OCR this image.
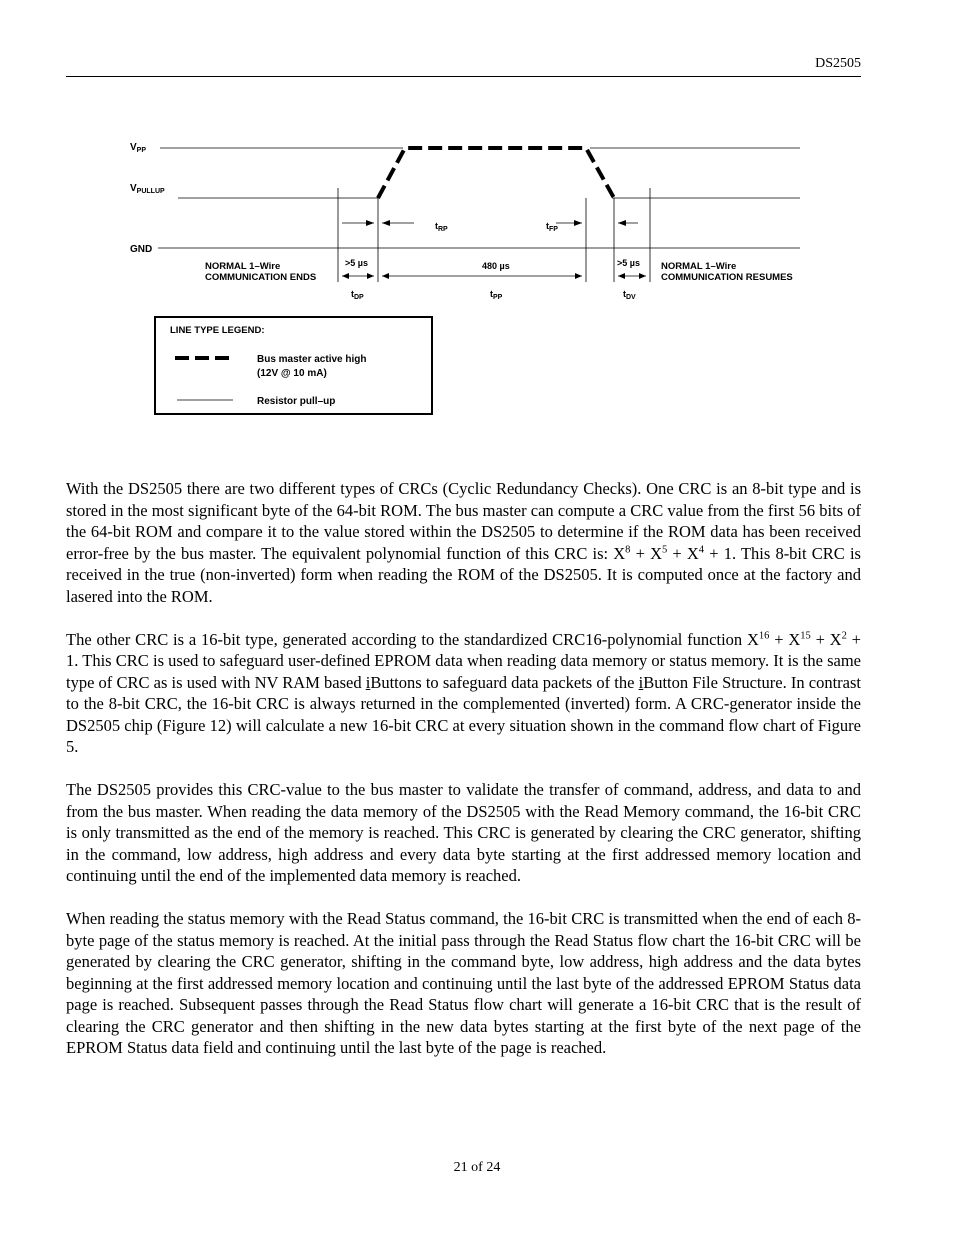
DS2505
$V_{PP}$
$V_{PULLUP}$
GND
$t_{RP}$	$t_{FP}$
>5 µs	480 µs	>5 µs
$t_{DP}$	$t_{PP}$	$t_{DV}$
NORMAL 1–Wire
COMMUNICATION ENDS
NORMAL 1–Wire
COMMUNICATION RESUMES
LINE TYPE LEGEND:
Bus master active high
(12V @ 10 mA)
Resistor pull–up

With the DS2505 there are two different types of CRCs (Cyclic Redundancy Checks). One CRC is an 8-bit type and is stored in the most significant byte of the 64-bit ROM. The bus master can compute a CRC value from the first 56 bits of the 64-bit ROM and compare it to the value stored within the DS2505 to determine if the ROM data has been received error-free by the bus master. The equivalent polynomial function of this CRC is: $X^8 + X^5 + X^4 + 1$. This 8-bit CRC is received in the true (non-inverted) form when reading the ROM of the DS2505. It is computed once at the factory and lasered into the ROM.

The other CRC is a 16-bit type, generated according to the standardized CRC16-polynomial function $X^{16} + X^{15} + X^2 + 1$. This CRC is used to safeguard user-defined EPROM data when reading data memory or status memory. It is the same type of CRC as is used with NV RAM based iButtons to safeguard data packets of the iButton File Structure. In contrast to the 8-bit CRC, the 16-bit CRC is always returned in the complemented (inverted) form. A CRC-generator inside the DS2505 chip (Figure 12) will calculate a new 16-bit CRC at every situation shown in the command flow chart of Figure 5.

The DS2505 provides this CRC-value to the bus master to validate the transfer of command, address, and data to and from the bus master. When reading the data memory of the DS2505 with the Read Memory command, the 16-bit CRC is only transmitted as the end of the memory is reached. This CRC is generated by clearing the CRC generator, shifting in the command, low address, high address and every data byte starting at the first addressed memory location and continuing until the end of the implemented data memory is reached.

When reading the status memory with the Read Status command, the 16-bit CRC is transmitted when the end of each 8-byte page of the status memory is reached. At the initial pass through the Read Status flow chart the 16-bit CRC will be generated by clearing the CRC generator, shifting in the command byte, low address, high address and the data bytes beginning at the first addressed memory location and continuing until the last byte of the addressed EPROM Status data page is reached. Subsequent passes through the Read Status flow chart will generate a 16-bit CRC that is the result of clearing the CRC generator and then shifting in the new data bytes starting at the first byte of the next page of the EPROM Status data field and continuing until the last byte of the page is reached.

21 of 24
